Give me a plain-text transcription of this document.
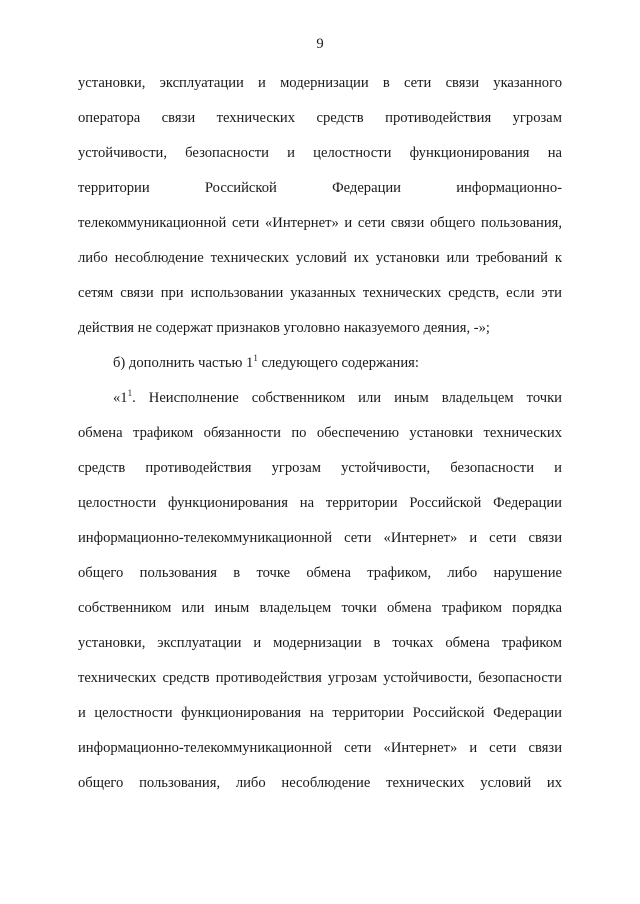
9
установки, эксплуатации и модернизации в сети связи указанного
оператора связи технических средств противодействия угрозам
устойчивости, безопасности и целостности функционирования на
территории Российской Федерации информационно-
телекоммуникационной сети «Интернет» и сети связи общего пользования,
либо несоблюдение технических условий их установки или требований к
сетям связи при использовании указанных технических средств, если эти
действия не содержат признаков уголовно наказуемого деяния, -»;
б) дополнить частью $1^1$ следующего содержания:
«$1^1$. Неисполнение собственником или иным владельцем точки
обмена трафиком обязанности по обеспечению установки технических
средств противодействия угрозам устойчивости, безопасности и
целостности функционирования на территории Российской Федерации
информационно-телекоммуникационной сети «Интернет» и сети связи
общего пользования в точке обмена трафиком, либо нарушение
собственником или иным владельцем точки обмена трафиком порядка
установки, эксплуатации и модернизации в точках обмена трафиком
технических средств противодействия угрозам устойчивости, безопасности
и целостности функционирования на территории Российской Федерации
информационно-телекоммуникационной сети «Интернет» и сети связи
общего пользования, либо несоблюдение технических условий их
